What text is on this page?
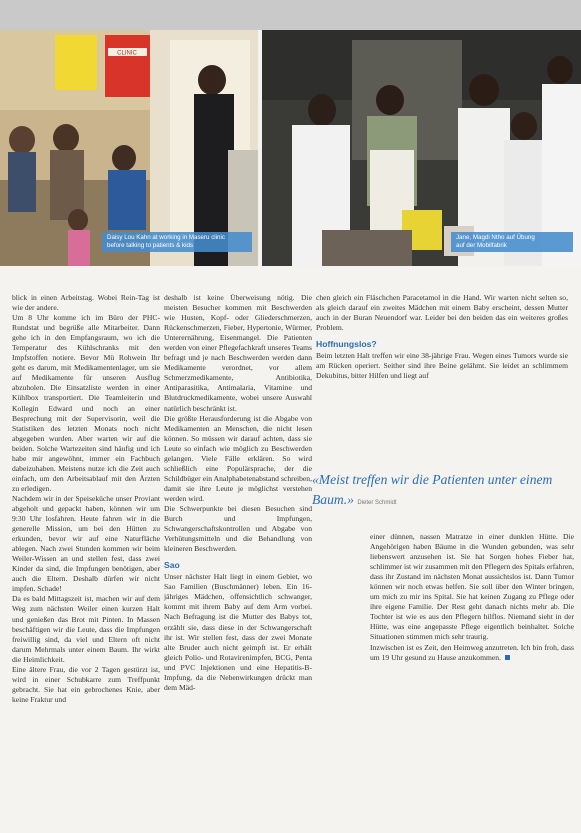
CLINIC
Daisy Lou Kahn at working in Maseru clinic
before talking to patients & kids
Jane, Magdi Ntho auf Übung
auf der Mobilfabrik

blick in einen Arbeitstag. Wobei Rein-Tag ist wie der andere.

Um 8 Uhr komme ich im Büro der PHC-Rundstat und begrüße alle Mitarbeiter. Dann gehe ich in den Empfangsraum, wo ich die Temperatur des Kühlschranks mit den Impfstoffen notiere. Bevor Mü Rohwein Ihr geht es darum, mit Medikamentenlager, um sie auf Medikamente für unseren Ausflug abzuholen. Die Einsatzliste werden in einer Kühlbox transportiert. Die Teamleiterin und Kollegin Edward und noch an einer Besprechung mit der Supervisorin, weil die Statistiken des letzten Monats noch nicht abgegeben wurden. Aber warten wir auf die beiden. Solche Wartezeiten sind häufig und ich habe mir angewöhnt, immer ein Fachbuch dabeizuhaben. Meistens nutze ich die Zeit auch einfach, um den Arbeitsablauf mit den Ärzten zu erledigen.

Nachdem wir in der Speiseküche unser Proviant abgeholt und gepackt haben, können wir um 9:30 Uhr losfahren. Heute fahren wir in die generelle Mission, um bei den Hütten zu erkunden, bevor wir auf eine Naturfläche ablegen. Nach zwei Stunden kommen wir beim Weiler-Wissen an und stellen fest, dass zwei Kinder da sind, die Impfungen benötigen, aber auch die Eltern. Deshalb dürfen wir nicht impfen. Schade!

Da es bald Mittagszeit ist, machen wir auf dem Weg zum nächsten Weiler einen kurzen Halt und genießen das Brot mit Pinten. In Massen beschäftigen wir die Leute, dass die Impfungen freiwillig sind, da viel und Eltern oft nicht darum Mehrmals unter einem Baum. Ihr wirkt die Heimlichkeit.

Eine ältere Frau, die vor 2 Tagen gestürzt ist, wird in einer Schubkarre zum Treffpunkt gebracht. Sie hat ein gebrochenes Knie, aber keine Fraktur und

deshalb ist keine Überweisung nötig. Die meisten Besucher kommen mit Beschwerden wie Husten, Kopf- oder Gliederschmerzen, Rückenschmerzen, Fieber, Hypertonie, Würmer, Unterernährung, Eisenmangel. Die Patienten werden von einer Pflegefachkraft unseres Teams befragt und je nach Beschwerden werden dann Medikamente verordnet, vor allem Schmerzmedikamente, Antibiotika, Antiparasitika, Antimalaria, Vitamine und Blutdruckmedikamente, wobei unsere Auswahl natürlich beschränkt ist.

Die größte Herausforderung ist die Abgabe von Medikamenten an Menschen, die nicht lesen können. So müssen wir darauf achten, dass sie Leute so einfach wie möglich zu Beschwerden gelangen. Viele Fälle erklären. So wird schließlich eine Populärsprache, der die Schildbüger ein Analphabetenabstand schreiben, damit sie ihre Leute je möglichst verstehen werden wird.

Die Schwerpunkte bei diesen Besuchen sind Burch und Impfungen, Schwangerschaftskontrollen und Abgabe von Verhütungsmitteln und die Behandlung von kleineren Beschwerden.

Sao

Unser nächster Halt liegt in einem Gebiet, wo Sao Familien (Buschmänner) leben. Ein 16-jähriges Mädchen, offensichtlich schwanger, kommt mit ihrem Baby auf dem Arm vorbei. Nach Befragung ist die Mutter des Babys tot, erzählt sie, dass diese in der Schwangerschaft ihr ist. Wir stellen fest, dass der zwei Monate alte Bruder auch nicht geimpft ist. Er erhält gleich Polio- und Rotavirenimpfen, BCG, Penta und PVC Injektionen und eine Hepatitis-B-Impfung, da die Nebenwirkungen drückt man dem Mäd-

chen gleich ein Fläschchen Paracetamol in die Hand. Wir warten nicht selten so, als gleich darauf ein zweites Mädchen mit einem Baby erscheint, dessen Mutter auch in der Buran Neuendorf war. Leider bei den beiden das ein weiteres großes Problem.

Hoffnungslos?

Beim letzten Halt treffen wir eine 38-jährige Frau. Wegen eines Tumors wurde sie am Rücken operiert. Seither sind ihre Beine gelähmt. Sie leidet an schlimmem Dekubitus, bitter Hilfen und liegt auf

«Meist treffen wir die Patienten unter einem Baum.» Dieter Schmidt

einer dünnen, nassen Matratze in einer dunklen Hütte. Die Angehörigen haben Bäume in die Wunden gebunden, was sehr liebenswert anzusehen ist. Sie hat Sorgen hohes Fieber hat, schlimmer ist wir zusammen mit den Pflegern des Spitals erfahren, dass ihr Zustand im nächsten Monat aussichtslos ist. Dann Tumor können wir noch etwas helfen. Sie soll über den Winter bringen, um mich zu mir ins Spital. Sie hat keinen Zugang zu Pflege oder ihre eigene Familie. Der Rest geht danach nichts mehr ab. Die Tochter ist wie es aus den Pflegern hilflos. Niemand sieht in der Hütte, was eine angepasste Pflege eigentlich beinhaltet. Solche Situationen stimmen mich sehr traurig.

Inzwischen ist es Zeit, den Heimweg anzutreten. Ich bin froh, dass um 19 Uhr gesund zu Hause anzukommen.
